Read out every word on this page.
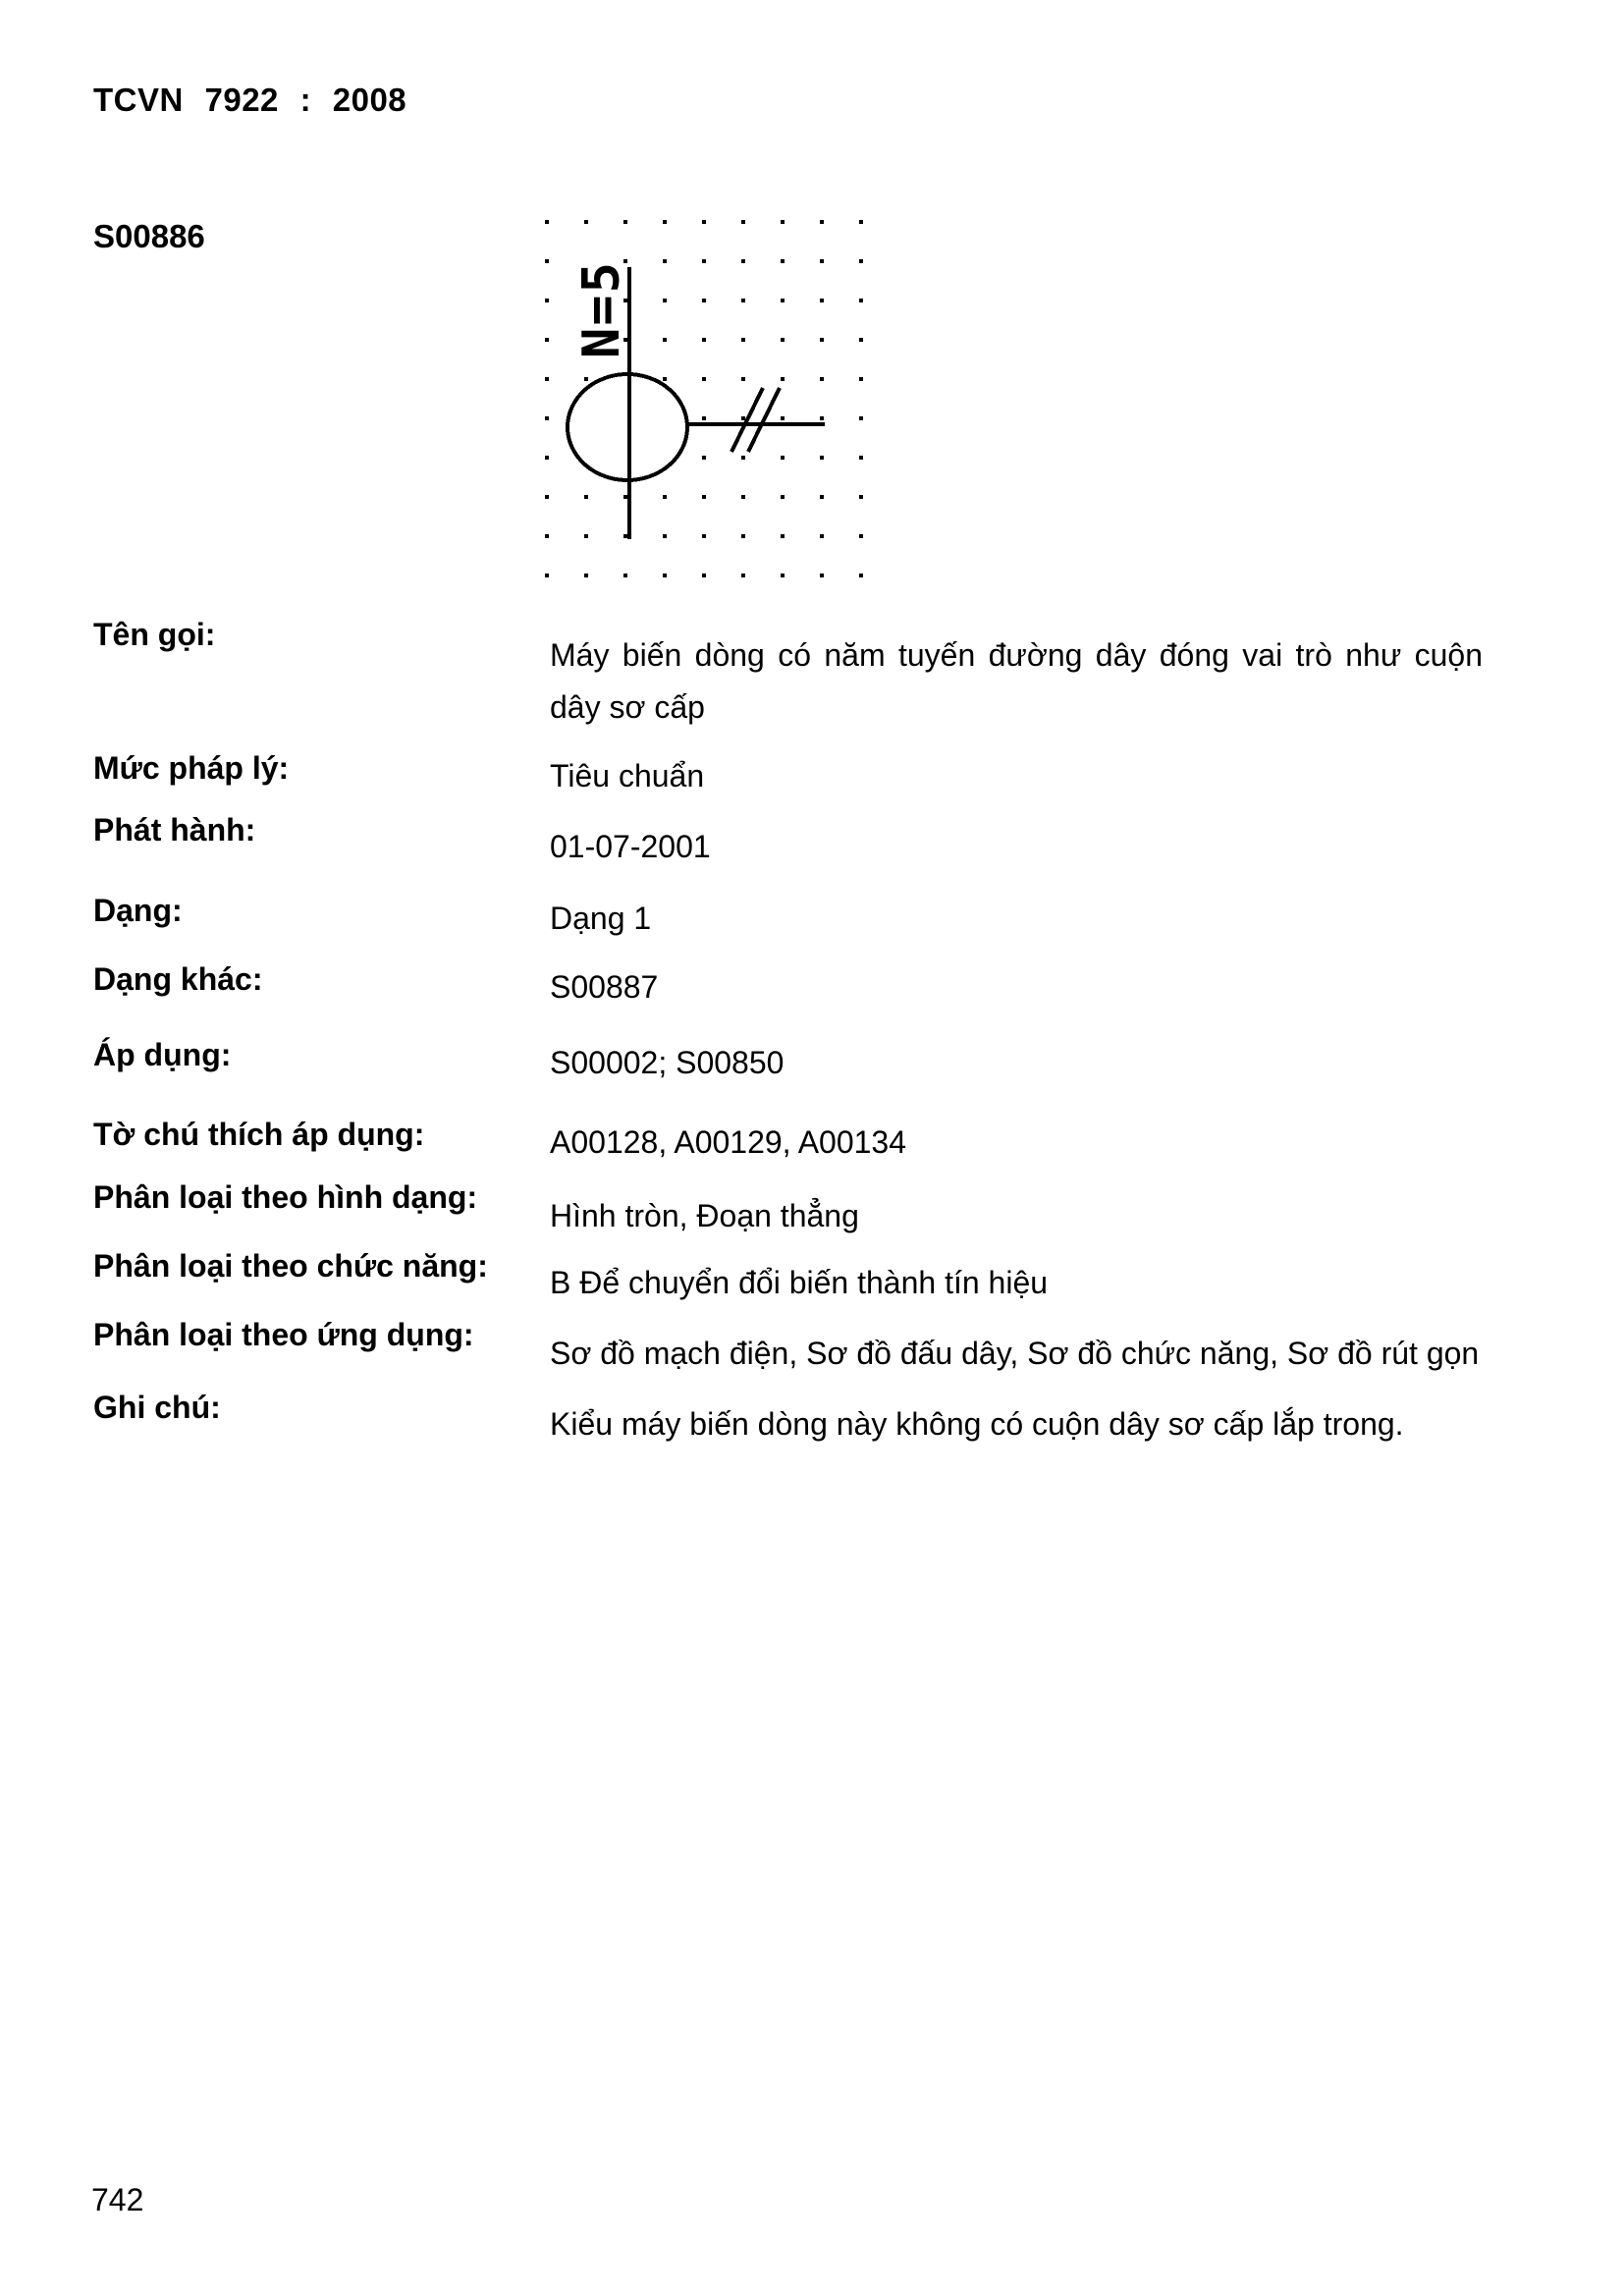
TCVN 7922 : 2008
S00886
N=5
Tên gọi:
Máy biến dòng có năm tuyến đường dây đóng vai trò như cuộn dây sơ cấp
Mức pháp lý:	Tiêu chuẩn
Phát hành:	01-07-2001
Dạng:	Dạng 1
Dạng khác:	S00887
Áp dụng:	S00002; S00850
Tờ chú thích áp dụng:	A00128, A00129, A00134
Phân loại theo hình dạng:
Hình tròn, Đoạn thẳng
Phân loại theo chức năng: B Để chuyển đổi biến thành tín hiệu
Phân loại theo ứng dụng:
Sơ đồ mạch điện, Sơ đồ đấu dây, Sơ đồ chức năng, Sơ đồ rút gọn
Ghi chú:	Kiểu máy biến dòng này không có cuộn dây sơ cấp lắp trong.
742
